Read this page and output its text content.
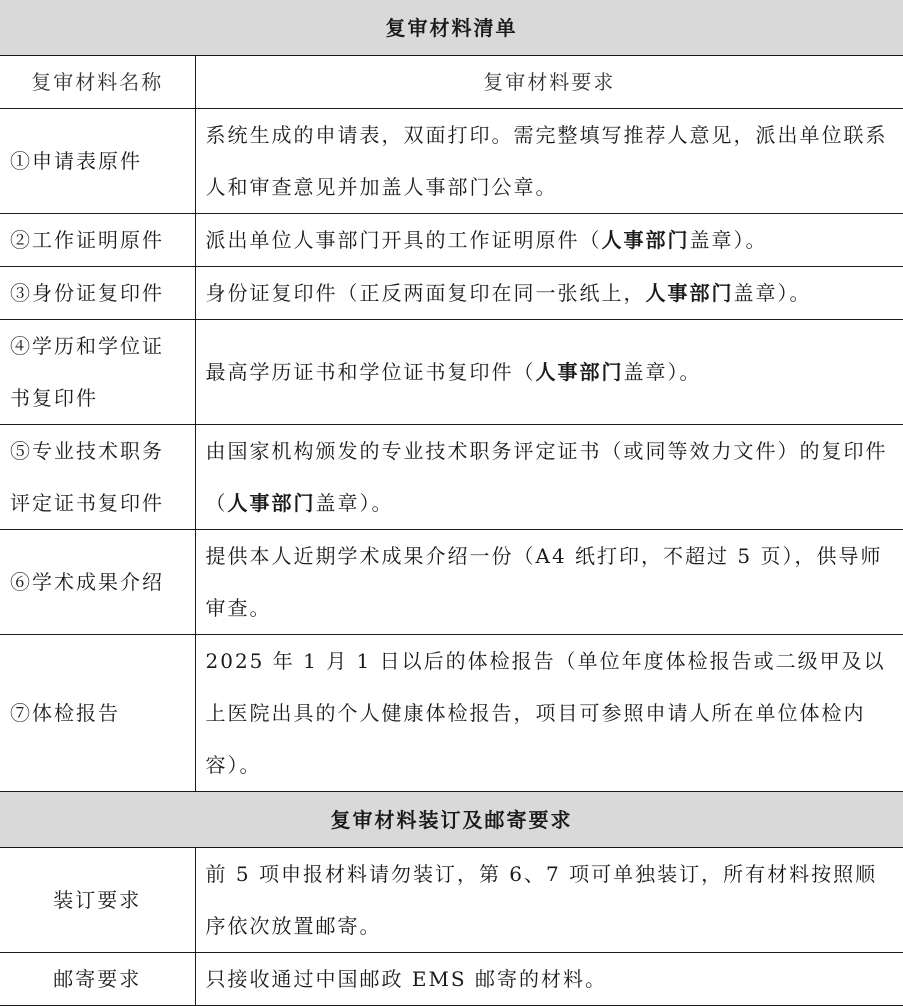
复审材料清单	
复审材料名称	复审材料要求
①申请表原件	系统生成的申请表，双面打印。需完整填写推荐人意见，派出单位联系人和审查意见并加盖人事部门公章。
②工作证明原件	派出单位人事部门开具的工作证明原件（人事部门盖章）。
③身份证复印件	身份证复印件（正反两面复印在同一张纸上，人事部门盖章）。
④学历和学位证书复印件	最高学历证书和学位证书复印件（人事部门盖章）。
⑤专业技术职务评定证书复印件	由国家机构颁发的专业技术职务评定证书（或同等效力文件）的复印件（人事部门盖章）。
⑥学术成果介绍	提供本人近期学术成果介绍一份（A4 纸打印，不超过 5 页），供导师审查。
⑦体检报告	2025 年 1 月 1 日以后的体检报告（单位年度体检报告或二级甲及以上医院出具的个人健康体检报告，项目可参照申请人所在单位体检内容）。
复审材料装订及邮寄要求	
装订要求	前 5 项申报材料请勿装订，第 6、7 项可单独装订，所有材料按照顺序依次放置邮寄。
邮寄要求	只接收通过中国邮政 EMS 邮寄的材料。
